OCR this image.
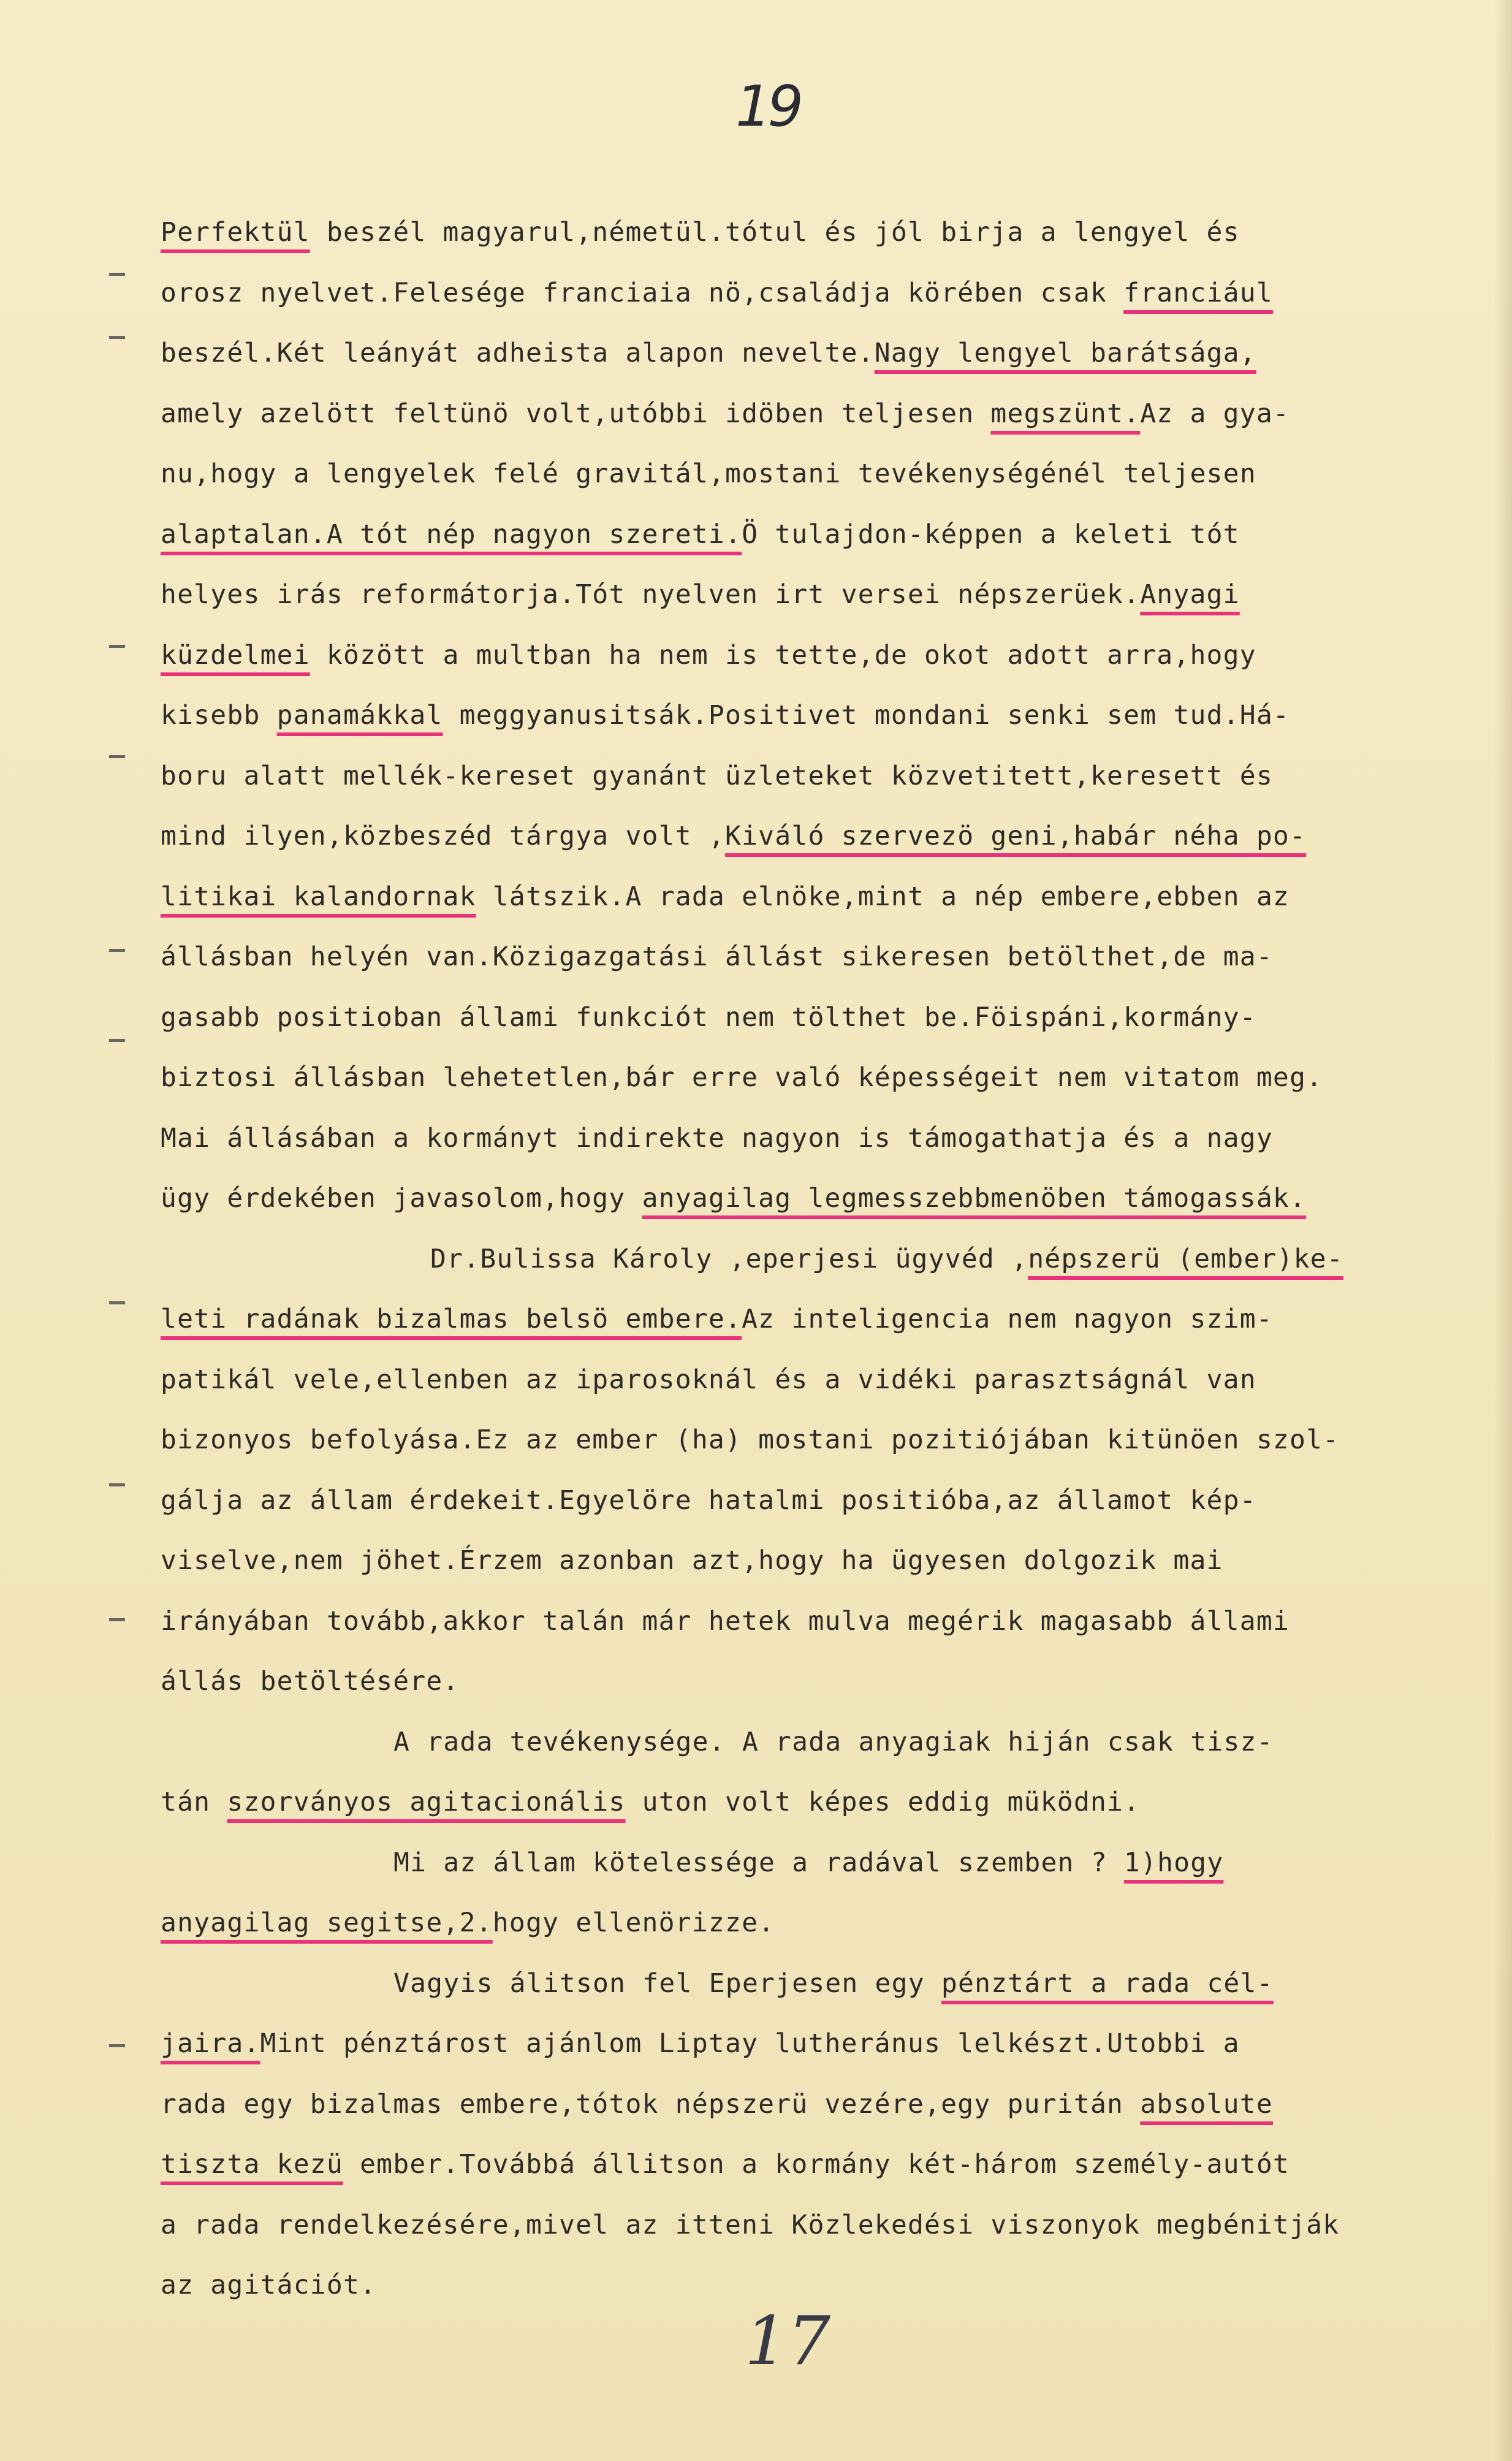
19
Perfektül beszél magyarul,németül.tótul és jól birja a lengyel és
orosz nyelvet.Felesége franciaia nö,családja körében csak franciául
beszél.Két leányát adheista alapon nevelte.Nagy lengyel barátsága,
amely azelött feltünö volt,utóbbi idöben teljesen megszünt.Az a gya-
nu,hogy a lengyelek felé gravitál,mostani tevékenységénél teljesen
alaptalan.A tót nép nagyon szereti.Ö tulajdon-képpen a keleti tót
helyes irás reformátorja.Tót nyelven irt versei népszerüek.Anyagi
küzdelmei között a multban ha nem is tette,de okot adott arra,hogy
kisebb panamákkal meggyanusitsák.Positivet mondani senki sem tud.Há-
boru alatt mellék-kereset gyanánt üzleteket közvetitett,keresett és
mind ilyen,közbeszéd tárgya volt ,Kiváló szervezö geni,habár néha po-
litikai kalandornak látszik.A rada elnöke,mint a nép embere,ebben az
állásban helyén van.Közigazgatási állást sikeresen betölthet,de ma-
gasabb positioban állami funkciót nem tölthet be.Föispáni,kormány-
biztosi állásban lehetetlen,bár erre való képességeit nem vitatom meg.
Mai állásában a kormányt indirekte nagyon is támogathatja és a nagy
ügy érdekében javasolom,hogy anyagilag legmesszebbmenöben támogassák.
Dr.Bulissa Károly ,eperjesi ügyvéd ,népszerü (ember)ke-
leti radának bizalmas belsö embere.Az inteligencia nem nagyon szim-
patikál vele,ellenben az iparosoknál és a vidéki parasztságnál van
bizonyos befolyása.Ez az ember (ha) mostani pozitiójában kitünöen szol-
gálja az állam érdekeit.Egyelöre hatalmi positióba,az államot kép-
viselve,nem jöhet.Érzem azonban azt,hogy ha ügyesen dolgozik mai
irányában tovább,akkor talán már hetek mulva megérik magasabb állami
állás betöltésére.
A rada tevékenysége. A rada anyagiak hiján csak tisz-
tán szorványos agitacionális uton volt képes eddig müködni.
Mi az állam kötelessége a radával szemben ? 1)hogy
anyagilag segitse,2.hogy ellenörizze.
Vagyis álitson fel Eperjesen egy pénztárt a rada cél-
jaira.Mint pénztárost ajánlom Liptay lutheránus lelkészt.Utobbi a
rada egy bizalmas embere,tótok népszerü vezére,egy puritán absolute
tiszta kezü ember.Továbbá állitson a kormány két-három személy-autót
a rada rendelkezésére,mivel az itteni Közlekedési viszonyok megbénitják
az agitációt.
17
